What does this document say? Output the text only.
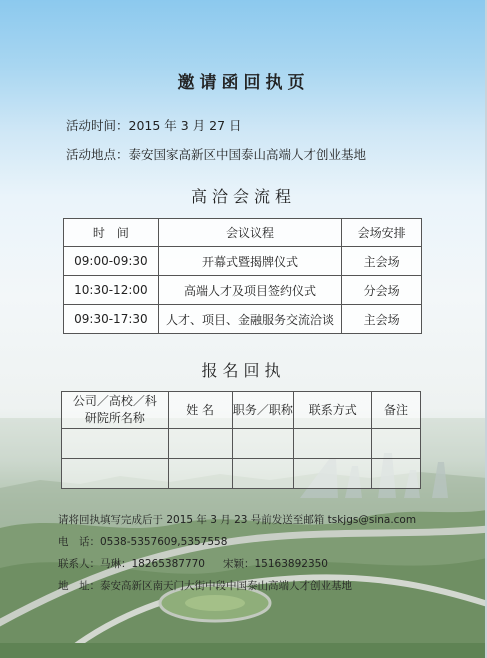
邀请函回执页
活动时间：2015 年 3 月 27 日
活动地点：泰安国家高新区中国泰山高端人才创业基地
高洽会流程
时　间	会议议程	会场安排
09:00-09:30	开幕式暨揭牌仪式	主会场
10:30-12:00	高端人才及项目签约仪式	分会场
09:30-17:30	人才、项目、金融服务交流洽谈	主会场
报名回执
公司／高校／科研院所名称	姓 名	职务／职称	联系方式	备注

请将回执填写完成后于 2015 年 3 月 23 号前发送至邮箱 tskjgs@sina.com
电　话：0538-5357609,5357558
联系人：马琳：18265387770 宋颖：15163892350
地　址：泰安高新区南天门大街中段中国泰山高端人才创业基地
